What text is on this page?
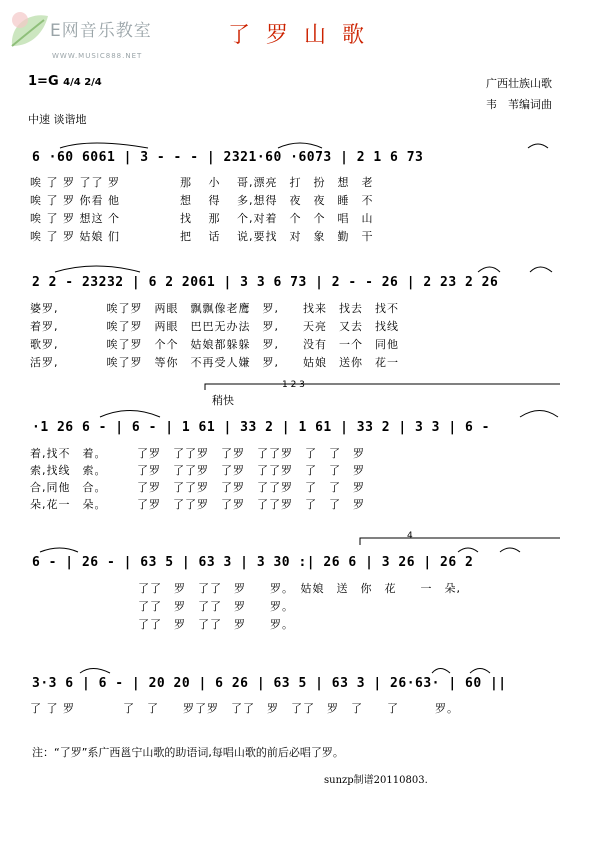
E网音乐教室
WWW.MUSIC888.NET
了罗山歌
1=G 4/4 2/4	广西壮族山歌
韦　苇编词曲
中速 谈谐地
6 ·60 6061 | 3 - - - | 2321·60 ·6073 | 2 1 6 73
唉 了 罗 了了 罗　　　　　那　 小　 哥,漂亮　打　扮　想　老
唉 了 罗 你看 他　　　　　想　 得　 多,想得　夜　夜　睡　不
唉 了 罗 想这 个　　　　　找　 那　 个,对着　个　个　唱　山
唉 了 罗 姑娘 们　　　　　把　 话　 说,要找　对　象　勤　干
2 2 - 23232 | 6 2 2061 | 3 3 6 73 | 2 - - 26 | 2 23 2 26
婆罗,　　　　唉了罗　两眼　飘飘像老鹰　罗,　　找来　找去　找不
着罗,　　　　唉了罗　两眼　巴巴无办法　罗,　　天亮　又去　找线
歌罗,　　　　唉了罗　个个　姑娘都躲躲　罗,　　没有　一个　同他
活罗,　　　　唉了罗　等你　不再受人嫌　罗,　　姑娘　送你　花一
1 2 3
稍快
·1 26 6 - | 6 - | 1 61 | 33 2 | 1 61 | 33 2 | 3 3 | 6 -
着,找不　着。　　　了罗　了了罗　了罗　了了罗　了　了　罗
索,找线　索。　　　了罗　了了罗　了罗　了了罗　了　了　罗
合,同他　合。　　　了罗　了了罗　了罗　了了罗　了　了　罗
朵,花一　朵。　　　了罗　了了罗　了罗　了了罗　了　了　罗
4
6 - | 26 - | 63 5 | 63 3 | 3 30 :| 26 6 | 3 26 | 26 2
　　　　　　　　　了了　罗　了了　罗　　罗。　姑娘　送　你　花　　一　朵,
　　　　　　　　　了了　罗　了了　罗　　罗。
　　　　　　　　　了了　罗　了了　罗　　罗。
3·3 6 | 6 - | 20 20 | 6 26 | 63 5 | 63 3 | 26·63· | 60 ||
了 了 罗　　　　了　了　　罗了罗　了了　罗　了了　罗　了　　了　　　罗。
注：“了罗”系广西邕宁山歌的助语词,每唱山歌的前后必唱了罗。
sunzp制谱20110803.
